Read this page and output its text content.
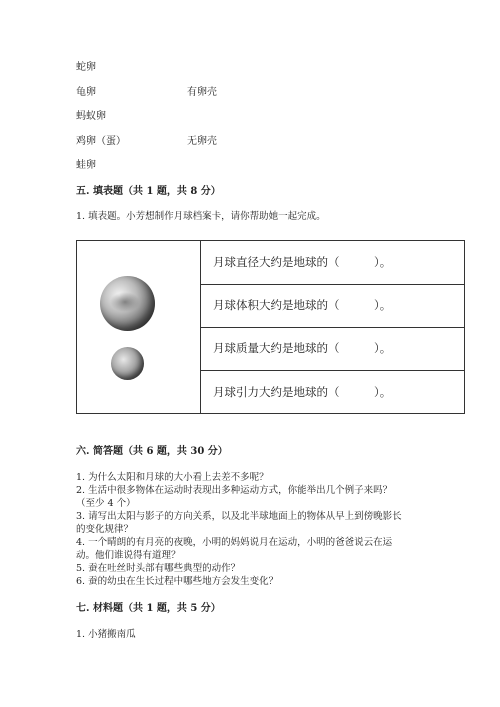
蛇卵
龟卵	有卵壳
蚂蚁卵
鸡卵（蛋）	无卵壳
蛙卵
五. 填表题（共 1 题，共 8 分）
1. 填表题。小芳想制作月球档案卡，请你帮助她一起完成。
月球直径大约是地球的（　　　）。
月球体积大约是地球的（　　　）。
月球质量大约是地球的（　　　）。
月球引力大约是地球的（　　　）。
六. 简答题（共 6 题，共 30 分）
1. 为什么太阳和月球的大小看上去差不多呢？
2. 生活中很多物体在运动时表现出多种运动方式，你能举出几个例子来吗？
（至少 4 个）
3. 请写出太阳与影子的方向关系，以及北半球地面上的物体从早上到傍晚影长
的变化规律？
4. 一个晴朗的有月亮的夜晚，小明的妈妈说月在运动，小明的爸爸说云在运
动。他们谁说得有道理？
5. 蚕在吐丝时头部有哪些典型的动作？
6. 蚕的幼虫在生长过程中哪些地方会发生变化？
七. 材料题（共 1 题，共 5 分）
1. 小猪搬南瓜
